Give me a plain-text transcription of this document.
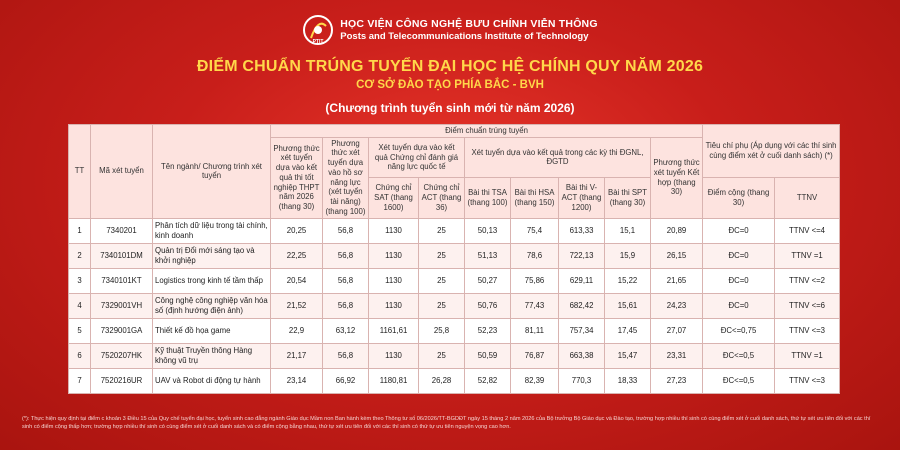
PTIT
HỌC VIỆN CÔNG NGHỆ BƯU CHÍNH VIỄN THÔNG
Posts and Telecommunications Institute of Technology
ĐIỂM CHUẨN TRÚNG TUYỂN ĐẠI HỌC HỆ CHÍNH QUY NĂM 2026
CƠ SỞ ĐÀO TẠO PHÍA BẮC - BVH
(Chương trình tuyển sinh mới từ năm 2026)
TT	Mã xét tuyển	Tên ngành/ Chương trình xét tuyển	Điểm chuẩn trúng tuyển									Tiêu chí phụ (Áp dụng với các thí sinh cùng điểm xét ở cuối danh sách) (*)	
			Phương thức xét tuyển dựa vào kết quả thi tốt nghiệp THPT năm 2026 (thang 30)	Phương thức xét tuyển dựa vào hồ sơ năng lực (xét tuyển tài năng) (thang 100)	Xét tuyển dựa vào kết quả Chứng chỉ đánh giá năng lực quốc tế		Xét tuyển dựa vào kết quả trong các kỳ thi ĐGNL, ĐGTD				Phương thức xét tuyển Kết hợp (thang 30)		
					Chứng chỉ SAT (thang 1600)	Chứng chỉ ACT (thang 36)	Bài thi TSA (thang 100)	Bài thi HSA (thang 150)	Bài thi V-ACT (thang 1200)	Bài thi SPT (thang 30)		Điểm cộng (thang 30)	TTNV
1	7340201	Phân tích dữ liệu trong tài chính, kinh doanh	20,25	56,8	1130	25	50,13	75,4	613,33	15,1	20,89	ĐC=0	TTNV <=4
2	7340101DM	Quản trị Đổi mới sáng tạo và khởi nghiệp	22,25	56,8	1130	25	51,13	78,6	722,13	15,9	26,15	ĐC=0	TTNV =1
3	7340101KT	Logistics trong kinh tế tầm thấp	20,54	56,8	1130	25	50,27	75,86	629,11	15,22	21,65	ĐC=0	TTNV <=2
4	7329001VH	Công nghệ công nghiệp văn hóa số (định hướng điện ảnh)	21,52	56,8	1130	25	50,76	77,43	682,42	15,61	24,23	ĐC=0	TTNV <=6
5	7329001GA	Thiết kế đồ họa game	22,9	63,12	1161,61	25,8	52,23	81,11	757,34	17,45	27,07	ĐC<=0,75	TTNV <=3
6	7520207HK	Kỹ thuật Truyền thông Hàng không vũ trụ	21,17	56,8	1130	25	50,59	76,87	663,38	15,47	23,31	ĐC<=0,5	TTNV =1
7	7520216UR	UAV và Robot di động tự hành	23,14	66,92	1180,81	26,28	52,82	82,39	770,3	18,33	27,23	ĐC<=0,5	TTNV <=3
(*): Thực hiện quy định tại điểm c khoản 3 Điều 15 của Quy chế tuyển đại học, tuyển sinh cao đẳng ngành Giáo dục Mầm non Ban hành kèm theo Thông tư số 06/2026/TT-BGDĐT ngày 15 tháng 2 năm 2026 của Bộ trưởng Bộ Giáo dục và Đào tạo, trường hợp nhiều thí sinh có cùng điểm xét ở cuối danh sách, thứ tự xét ưu tiên đối với các thí sinh có điểm cộng thấp hơn; trường hợp nhiều thí sinh có cùng điểm xét ở cuối danh sách và có điểm cộng bằng nhau, thứ tự xét ưu tiên đối với các thí sinh có thứ tự ưu tiên nguyện vọng cao hơn.
